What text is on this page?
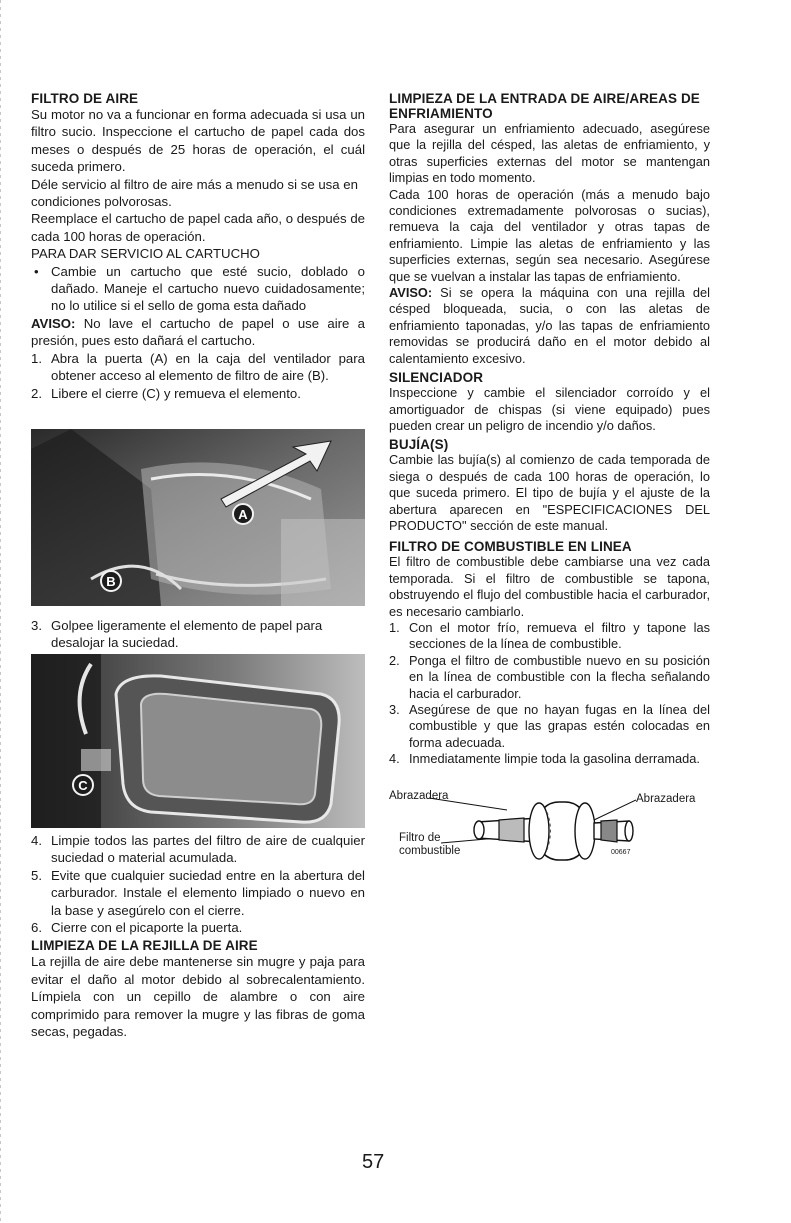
FILTRO DE AIRE

Su motor no va a funcionar en forma adecuada si usa un filtro sucio. Inspeccione el cartucho de papel cada dos meses o después de 25 horas de operación, el cuál suceda primero.

Déle servicio al filtro de aire más a menudo si se usa en condiciones polvorosas.

Reemplace el cartucho de papel cada año, o después de cada 100 horas de operación.

PARA DAR SERVICIO AL CARTUCHO

• Cambie un cartucho que esté sucio, doblado o dañado. Maneje el cartucho nuevo cuidadosamente; no lo utilice si el sello de goma esta dañado

AVISO: No lave el cartucho de papel o use aire a presión, pues esto dañará el cartucho.

1. Abra la puerta (A) en la caja del ventilador para obtener acceso al elemento de filtro de aire (B).
2. Libere el cierre (C) y remueva el elemento.
A
B
3. Golpee ligeramente el elemento de papel para desalojar la suciedad.
C
4. Limpie todos las partes del filtro de aire de cualquier suciedad o material acumulada.
5. Evite que cualquier suciedad entre en la abertura del carburador. Instale el elemento limpiado o nuevo en la base y asegúrelo con el cierre.
6. Cierre con el picaporte la puerta.
LIMPIEZA DE LA REJILLA DE AIRE

La rejilla de aire debe mantenerse sin mugre y paja para evitar el daño al motor debido al sobrecalentamiento. Límpiela con un cepillo de alambre o con aire comprimido para remover la mugre y las fibras de goma secas, pegadas.

LIMPIEZA DE LA ENTRADA DE AIRE/AREAS DE ENFRIAMIENTO

Para asegurar un enfriamiento adecuado, asegúrese que la rejilla del césped, las aletas de enfriamiento, y otras superficies externas del motor se mantengan limpias en todo momento.

Cada 100 horas de operación (más a menudo bajo condiciones extremadamente polvorosas o sucias), remueva la caja del ventilador y otras tapas de enfriamiento. Limpie las aletas de enfriamiento y las superficies externas, según sea necesario. Asegúrese que se vuelvan a instalar las tapas de enfriamiento.

AVISO: Si se opera la máquina con una rejilla del césped bloqueada, sucia, o con las aletas de enfriamiento taponadas, y/o las tapas de enfriamiento removidas se producirá daño en el motor debido al calentamiento excesivo.

SILENCIADOR

Inspeccione y cambie el silenciador corroído y el amortiguador de chispas (si viene equipado) pues pueden crear un peligro de incendio y/o daños.

BUJÍA(S)

Cambie las bujía(s) al comienzo de cada temporada de siega o después de cada 100 horas de operación, lo que suceda primero. El tipo de bujía y el ajuste de la abertura aparecen en "ESPECIFICACIONES DEL PRODUCTO" sección de este manual.

FILTRO DE COMBUSTIBLE EN LINEA

El filtro de combustible debe cambiarse una vez cada temporada. Si el filtro de combustible se tapona, obstruyendo el flujo del combustible hacia el carburador, es necesario cambiarlo.

1. Con el motor frío, remueva el filtro y tapone las secciones de la línea de combustible.
2. Ponga el filtro de combustible nuevo en su posición en la línea de combustible con la flecha señalando hacia el carburador.
3. Asegúrese de que no hayan fugas en la línea del combustible y que las grapas estén colocadas en forma adecuada.
4. Inmediatamente limpie toda la gasolina derramada.
Abrazadera	Abrazadera
Filtro de
combustible	00667
57
